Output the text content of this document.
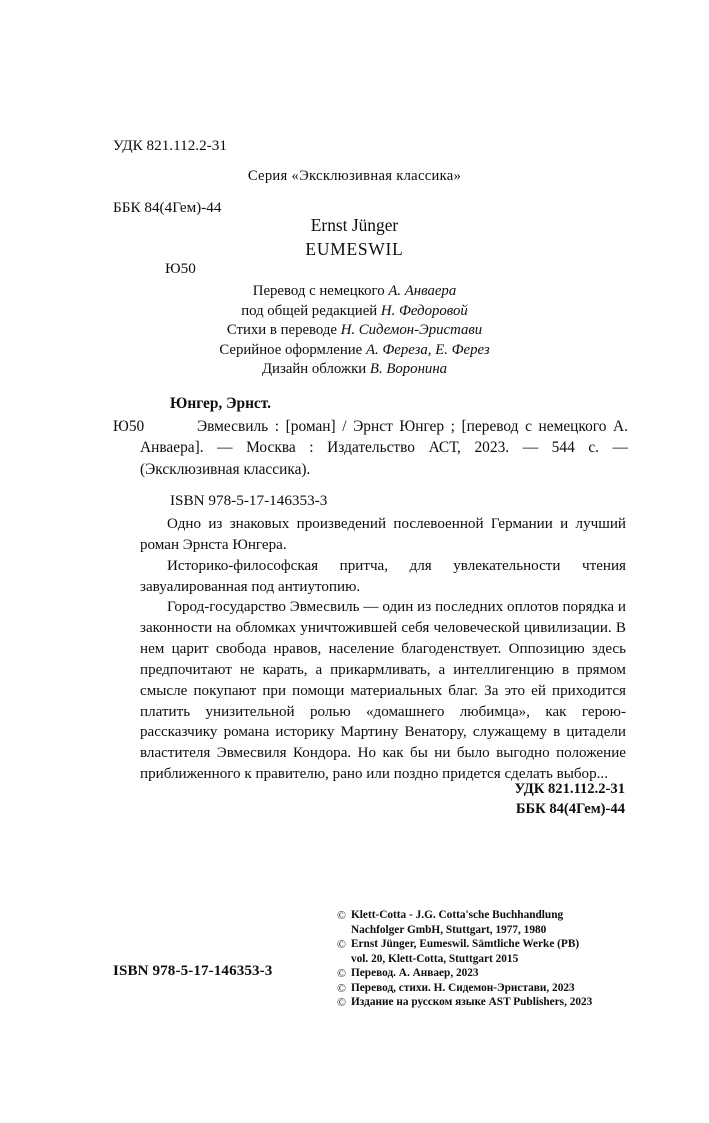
УДК 821.112.2-31

ББК 84(4Гем)-44

Ю50

Серия «Эксклюзивная классика»
Ernst Jünger
EUMESWIL
Перевод с немецкого А. Анваера
под общей редакцией Н. Федоровой
Стихи в переводе Н. Сидемон-Эристави
Серийное оформление А. Фереза, Е. Ферез
Дизайн обложки В. Воронина
Юнгер, Эрнст.
Ю50	Эвмесвиль : [роман] / Эрнст Юнгер ; [перевод с немецкого А. Анваера]. — Москва : Издательство АСТ, 2023. — 544 с. — (Эксклюзивная классика).
ISBN 978-5-17-146353-3

Одно из знаковых произведений послевоенной Германии и лучший роман Эрнста Юнгера.

Историко-философская притча, для увлекательности чтения завуалированная под антиутопию.

Город-государство Эвмесвиль — один из последних оплотов порядка и законности на обломках уничтожившей себя человеческой цивилизации. В нем царит свобода нравов, население благоденствует. Оппозицию здесь предпочитают не карать, а прикармливать, а интеллигенцию в прямом смысле покупают при помощи материальных благ. За это ей приходится платить унизительной ролью «домашнего любимца», как герою-рассказчику романа историку Мартину Венатору, служащему в цитадели властителя Эвмесвиля Кондора. Но как бы ни было выгодно положение приближенного к правителю, рано или поздно придется сделать выбор...

УДК 821.112.2-31
ББК 84(4Гем)-44
© Klett-Cotta - J.G. Cotta'sche Buchhandlung
Nachfolger GmbH, Stuttgart, 1977, 1980
© Ernst Jünger, Eumeswil. Sämtliche Werke (PB)
vol. 20, Klett-Cotta, Stuttgart 2015
© Перевод. А. Анваер, 2023
© Перевод, стихи. Н. Сидемон-Эристави, 2023
© Издание на русском языке AST Publishers, 2023
ISBN 978-5-17-146353-3
